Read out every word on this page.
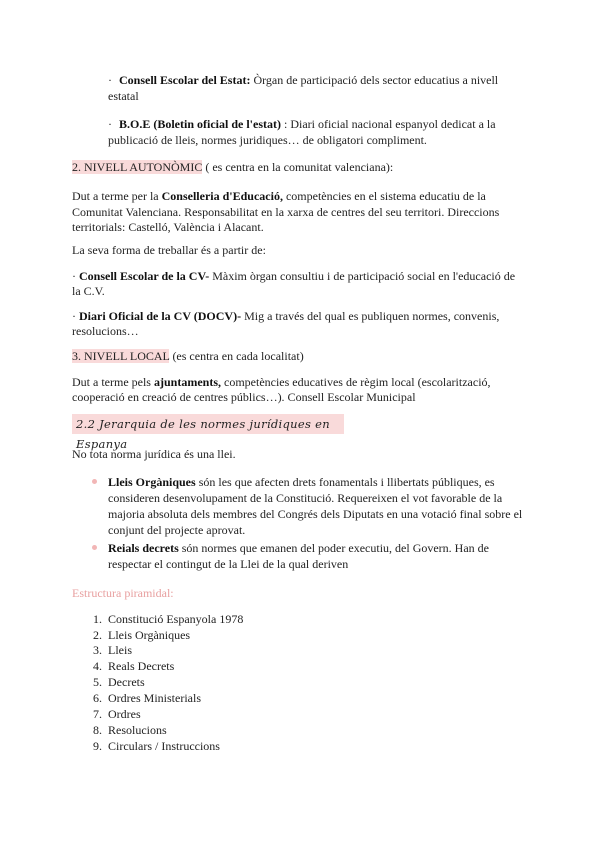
· Consell Escolar del Estat: Òrgan de participació dels sector educatius a nivell
estatal
· B.O.E (Boletin oficial de l'estat) : Diari oficial nacional espanyol dedicat a la
publicació de lleis, normes juridiques… de obligatori compliment.
2. NIVELL AUTONÒMIC ( es centra en la comunitat valenciana):
Dut a terme per la Conselleria d'Educació, competències en el sistema educatiu de la
Comunitat Valenciana. Responsabilitat en la xarxa de centres del seu territori. Direccions
territorials: Castelló, València i Alacant.
La seva forma de treballar és a partir de:
· Consell Escolar de la CV- Màxim òrgan consultiu i de participació social en l'educació de
la C.V.
· Diari Oficial de la CV (DOCV)- Mig a través del qual es publiquen normes, convenis,
resolucions…
3. NIVELL LOCAL (es centra en cada localitat)
Dut a terme pels ajuntaments, competències educatives de règim local (escolarització,
cooperació en creació de centres públics…). Consell Escolar Municipal
2.2 Jerarquia de les normes jurídiques en Espanya
No tota norma jurídica és una llei.
Lleis Orgàniques són les que afecten drets fonamentals i llibertats públiques, es
consideren desenvolupament de la Constitució. Requereixen el vot favorable de la
majoria absoluta dels membres del Congrés dels Diputats en una votació final sobre el
conjunt del projecte aprovat.
Reials decrets són normes que emanen del poder executiu, del Govern. Han de
respectar el contingut de la Llei de la qual deriven
Estructura piramidal:
1. Constitució Espanyola 1978
2. Lleis Orgàniques
3. Lleis
4. Reals Decrets
5. Decrets
6. Ordres Ministerials
7. Ordres
8. Resolucions
9. Circulars / Instruccions
